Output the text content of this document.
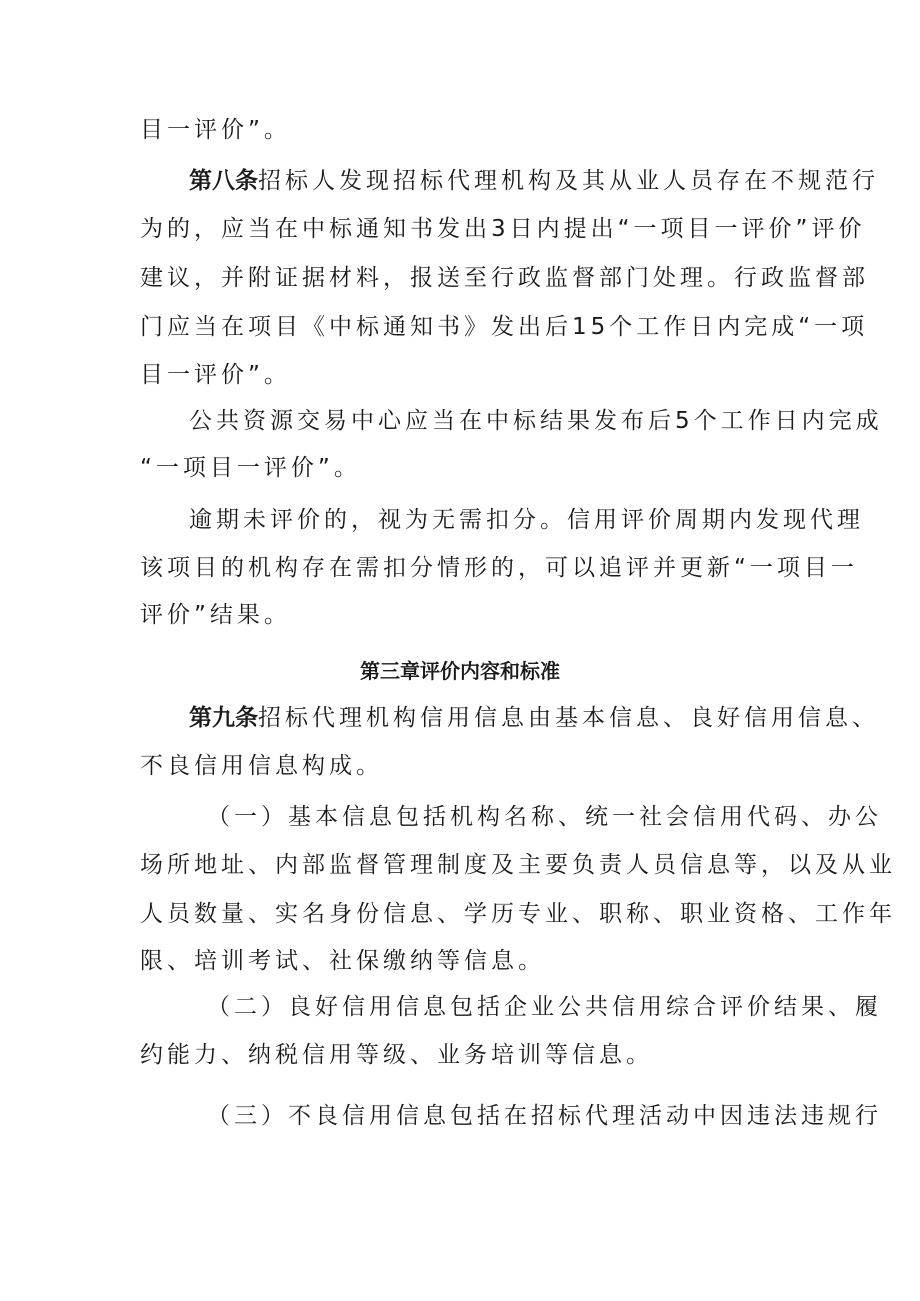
目一评价”。
第八条招标人发现招标代理机构及其从业人员存在不规范行
为的，应当在中标通知书发出3日内提出“一项目一评价”评价
建议，并附证据材料，报送至行政监督部门处理。行政监督部
门应当在项目《中标通知书》发出后15个工作日内完成“一项
目一评价”。
公共资源交易中心应当在中标结果发布后5个工作日内完成
“一项目一评价”。
逾期未评价的，视为无需扣分。信用评价周期内发现代理
该项目的机构存在需扣分情形的，可以追评并更新“一项目一
评价”结果。
第三章评价内容和标准
第九条招标代理机构信用信息由基本信息、良好信用信息、
不良信用信息构成。
（一）基本信息包括机构名称、统一社会信用代码、办公
场所地址、内部监督管理制度及主要负责人员信息等，以及从业
人员数量、实名身份信息、学历专业、职称、职业资格、工作年
限、培训考试、社保缴纳等信息。
（二）良好信用信息包括企业公共信用综合评价结果、履
约能力、纳税信用等级、业务培训等信息。
（三）不良信用信息包括在招标代理活动中因违法违规行
